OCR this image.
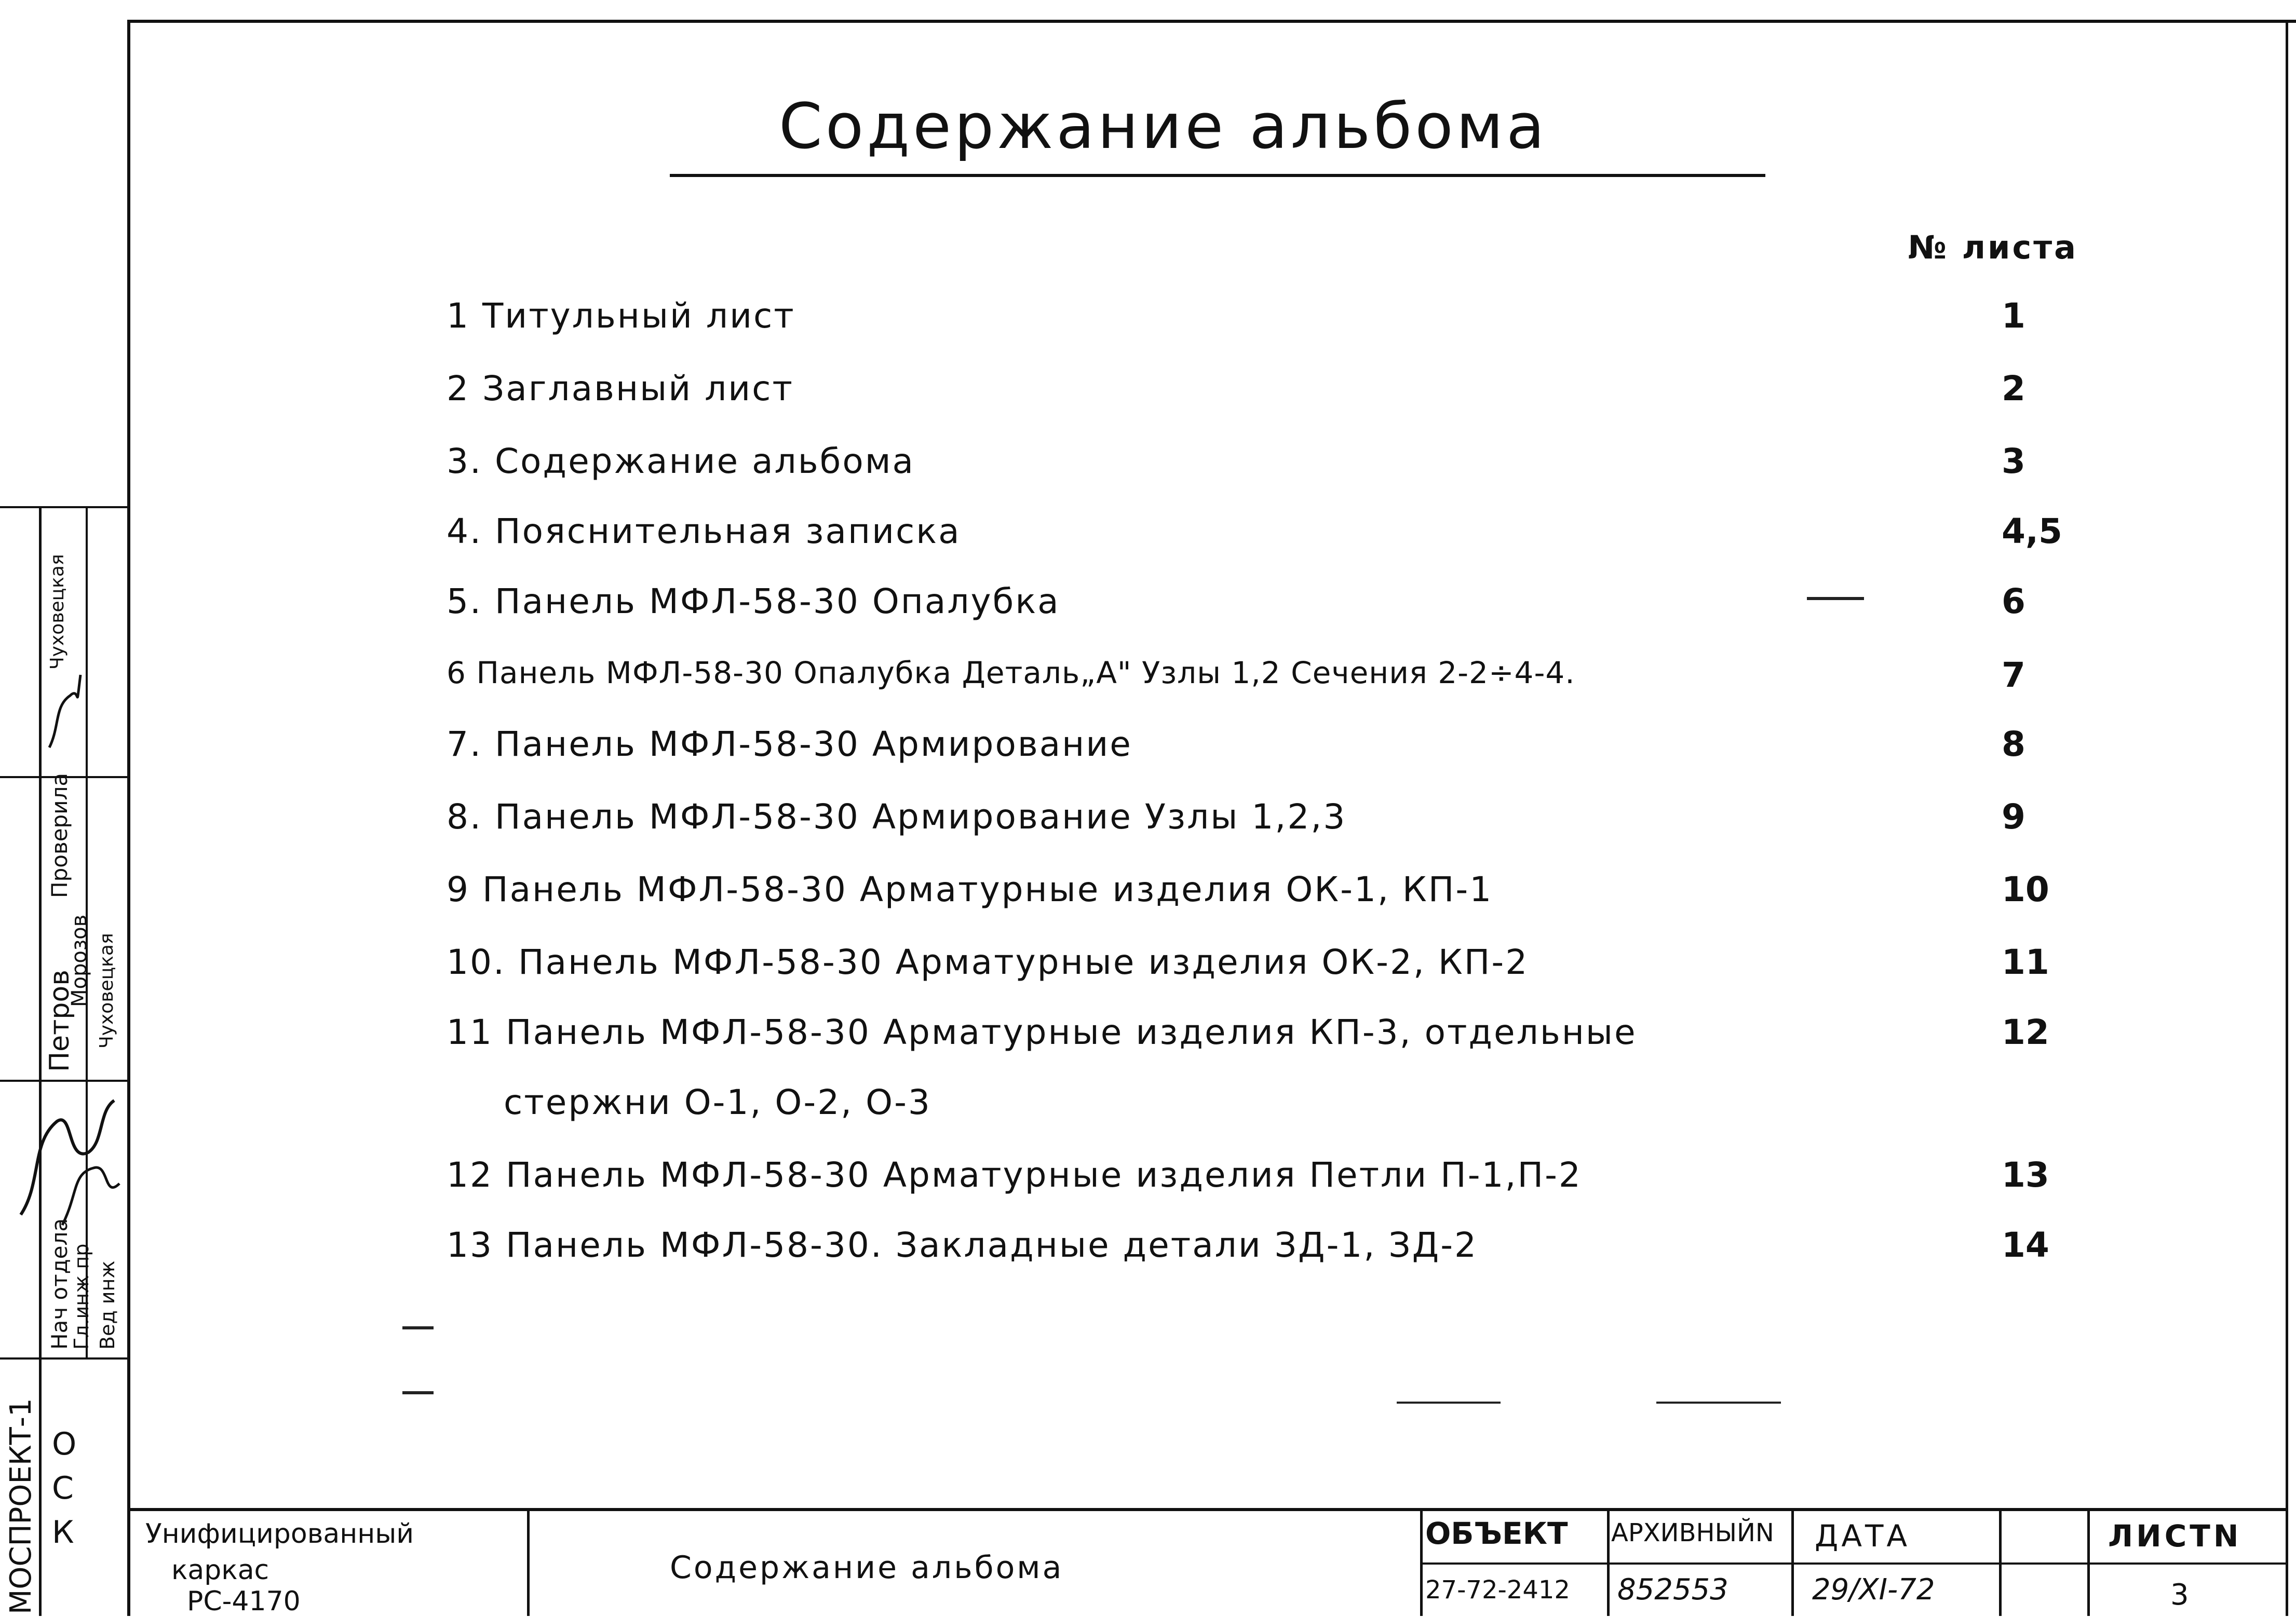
Содержание альбома
№ листа
1 Титульный лист	1
2 Заглавный лист	2
3. Содержание альбома	3
4. Пояснительная записка	4,5
5. Панель МФЛ-58-30 Опалубка	6
6 Панель МФЛ-58-30 Опалубка Деталь„А" Узлы 1,2 Сечения 2-2÷4-4.	7
7. Панель МФЛ-58-30 Армирование	8
8. Панель МФЛ-58-30 Армирование Узлы 1,2,3	9
9 Панель МФЛ-58-30 Арматурные изделия ОК-1, КП-1	10
10. Панель МФЛ-58-30 Арматурные изделия ОК-2, КП-2	11
11 Панель МФЛ-58-30 Арматурные изделия КП-3, отдельные	12
стержни О-1, О-2, О-3
12 Панель МФЛ-58-30 Арматурные изделия Петли П-1,П-2	13
13 Панель МФЛ-58-30. Закладные детали ЗД-1, ЗД-2	14
МОСПРОЕКТ-1
Нач отдела
Гл.инж пр Вед инж
Петров
Морозов Чуховецкая
Проверила
Чуховецкая
ОСК	Унифицированный
каркас
РС-4170
Содержание альбома
ОБЪЕКТ
27-72-2412
АРХИВНЫЙN
852553
ДАТА
29/XI-72
ЛИСТN
3
